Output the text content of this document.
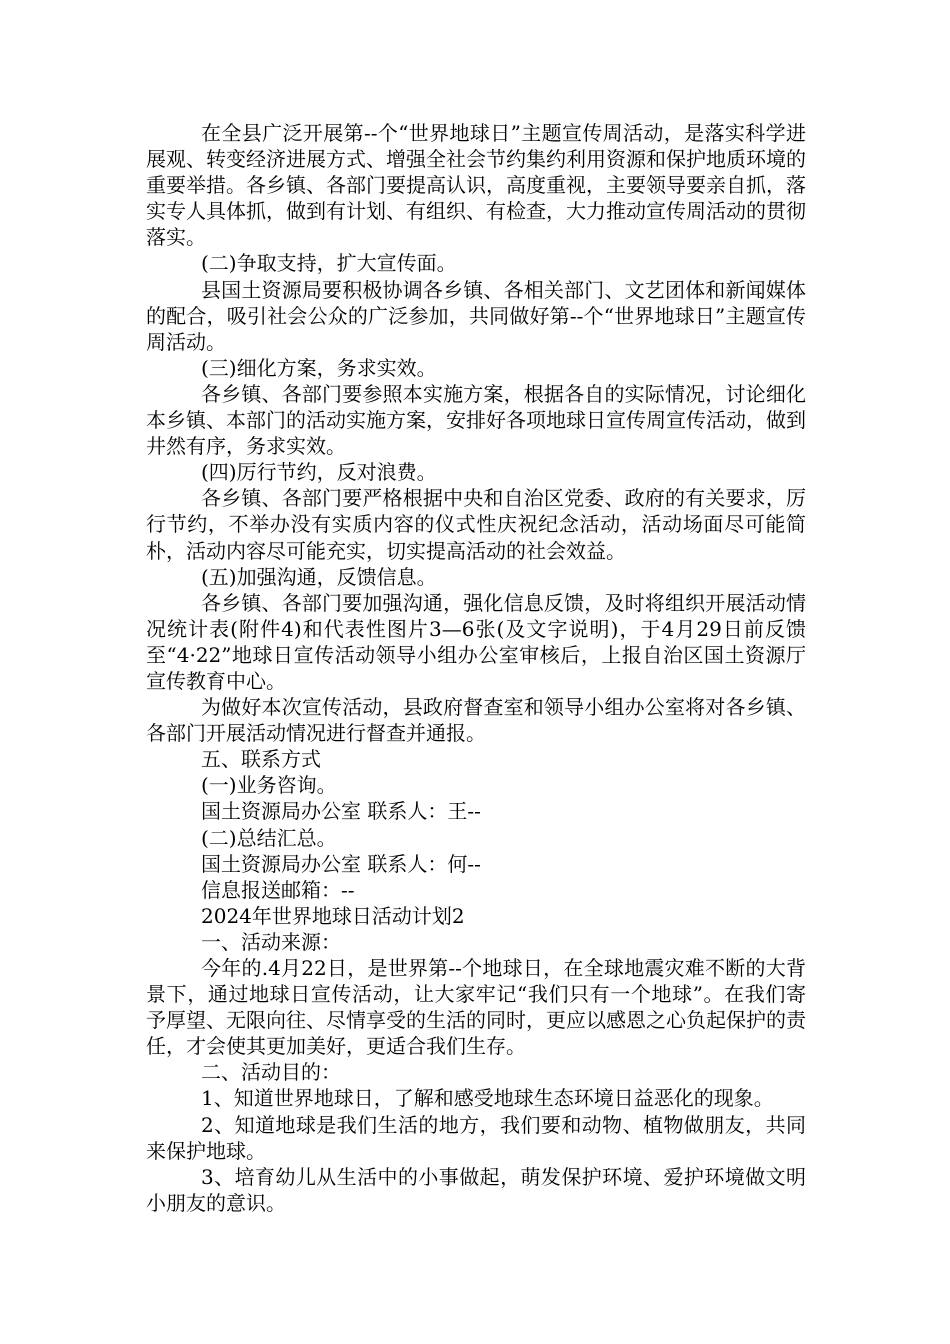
在全县广泛开展第--个“世界地球日”主题宣传周活动，是落实科学进展观、转变经济进展方式、增强全社会节约集约利用资源和保护地质环境的重要举措。各乡镇、各部门要提高认识，高度重视，主要领导要亲自抓，落实专人具体抓，做到有计划、有组织、有检查，大力推动宣传周活动的贯彻落实。

(二)争取支持，扩大宣传面。

县国土资源局要积极协调各乡镇、各相关部门、文艺团体和新闻媒体的配合，吸引社会公众的广泛参加，共同做好第--个“世界地球日”主题宣传周活动。

(三)细化方案，务求实效。

各乡镇、各部门要参照本实施方案，根据各自的实际情况，讨论细化本乡镇、本部门的活动实施方案，安排好各项地球日宣传周宣传活动，做到井然有序，务求实效。

(四)厉行节约，反对浪费。

各乡镇、各部门要严格根据中央和自治区党委、政府的有关要求，厉行节约，不举办没有实质内容的仪式性庆祝纪念活动，活动场面尽可能简朴，活动内容尽可能充实，切实提高活动的社会效益。

(五)加强沟通，反馈信息。

各乡镇、各部门要加强沟通，强化信息反馈，及时将组织开展活动情况统计表(附件4)和代表性图片3—6张(及文字说明)，于4月29日前反馈至“4·22”地球日宣传活动领导小组办公室审核后，上报自治区国土资源厅宣传教育中心。

为做好本次宣传活动，县政府督查室和领导小组办公室将对各乡镇、各部门开展活动情况进行督查并通报。

五、联系方式

(一)业务咨询。

国土资源局办公室 联系人：王--

(二)总结汇总。

国土资源局办公室 联系人：何--

信息报送邮箱：--

2024年世界地球日活动计划2

一、活动来源：

今年的.4月22日，是世界第--个地球日，在全球地震灾难不断的大背景下，通过地球日宣传活动，让大家牢记“我们只有一个地球”。在我们寄予厚望、无限向往、尽情享受的生活的同时，更应以感恩之心负起保护的责任，才会使其更加美好，更适合我们生存。

二、活动目的：

1、知道世界地球日，了解和感受地球生态环境日益恶化的现象。

2、知道地球是我们生活的地方，我们要和动物、植物做朋友，共同来保护地球。

3、培育幼儿从生活中的小事做起，萌发保护环境、爱护环境做文明小朋友的意识。
